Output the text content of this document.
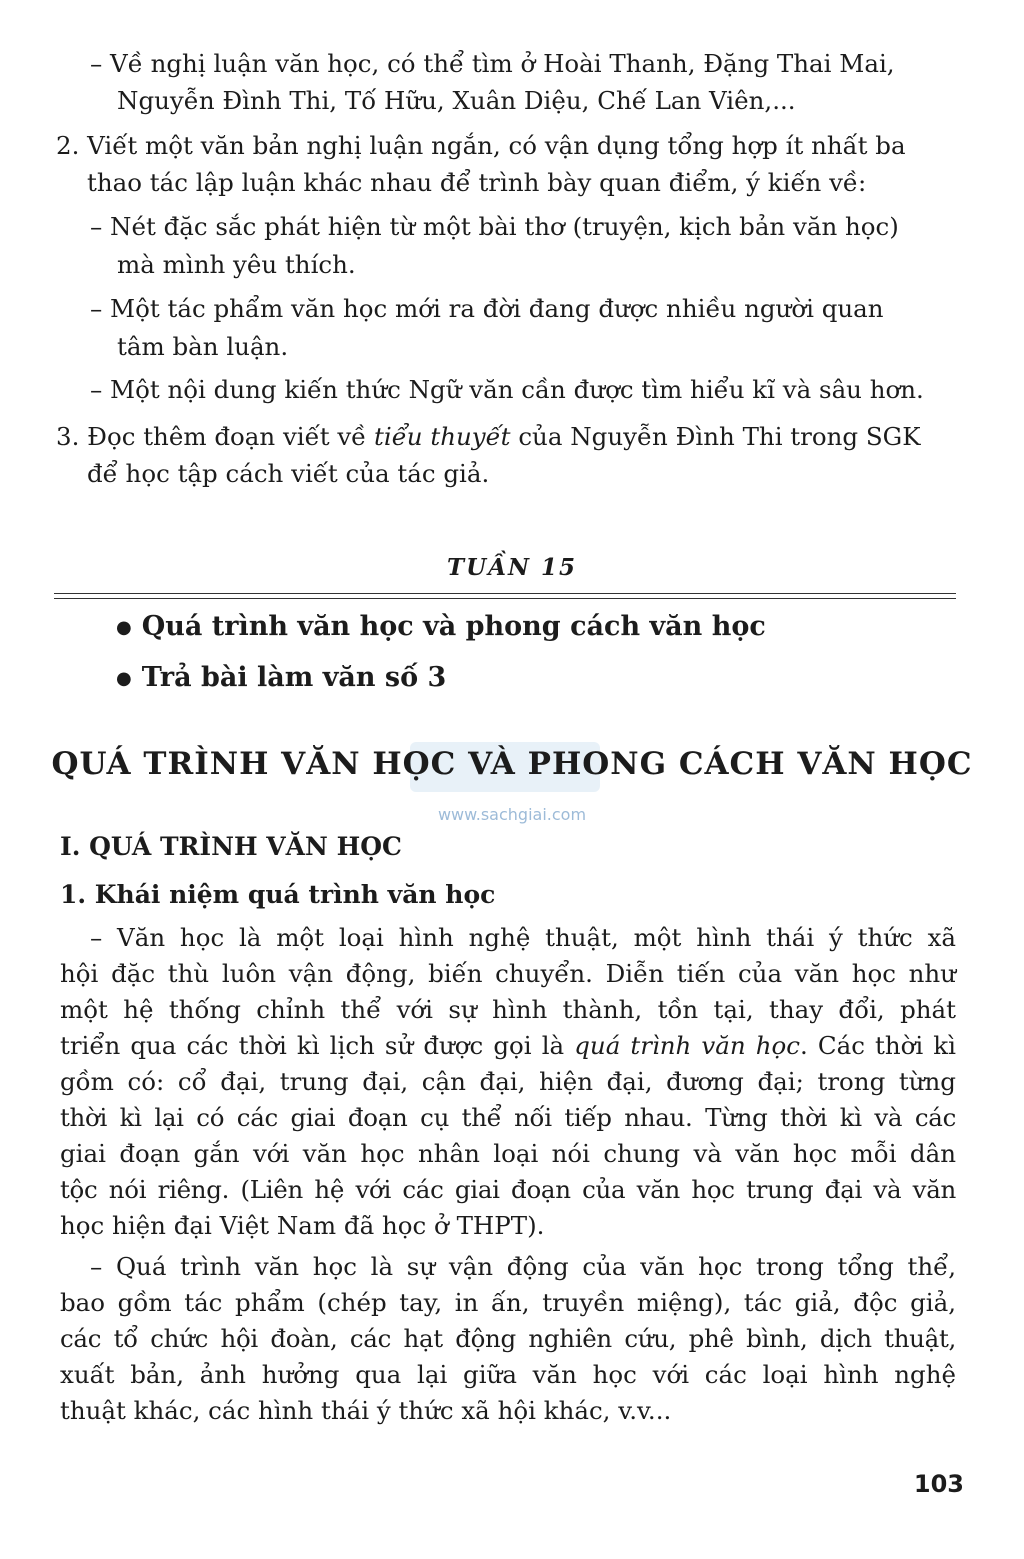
– Về nghị luận văn học, có thể tìm ở Hoài Thanh, Đặng Thai Mai,
Nguyễn Đình Thi, Tố Hữu, Xuân Diệu, Chế Lan Viên,...
2. Viết một văn bản nghị luận ngắn, có vận dụng tổng hợp ít nhất ba
thao tác lập luận khác nhau để trình bày quan điểm, ý kiến về:
– Nét đặc sắc phát hiện từ một bài thơ (truyện, kịch bản văn học)
mà mình yêu thích.
– Một tác phẩm văn học mới ra đời đang được nhiều người quan
tâm bàn luận.
– Một nội dung kiến thức Ngữ văn cần được tìm hiểu kĩ và sâu hơn.
3. Đọc thêm đoạn viết về tiểu thuyết của Nguyễn Đình Thi trong SGK
để học tập cách viết của tác giả.
TUẦN 15
● Quá trình văn học và phong cách văn học
● Trả bài làm văn số 3
QUÁ TRÌNH VĂN HỌC VÀ PHONG CÁCH VĂN HỌC
www.sachgiai.com
I. QUÁ TRÌNH VĂN HỌC
1. Khái niệm quá trình văn học
– Văn học là một loại hình nghệ thuật, một hình thái ý thức xã
hội đặc thù luôn vận động, biến chuyển. Diễn tiến của văn học như
một hệ thống chỉnh thể với sự hình thành, tồn tại, thay đổi, phát
triển qua các thời kì lịch sử được gọi là quá trình văn học. Các thời kì
gồm có: cổ đại, trung đại, cận đại, hiện đại, đương đại; trong từng
thời kì lại có các giai đoạn cụ thể nối tiếp nhau. Từng thời kì và các
giai đoạn gắn với văn học nhân loại nói chung và văn học mỗi dân
tộc nói riêng. (Liên hệ với các giai đoạn của văn học trung đại và văn
học hiện đại Việt Nam đã học ở THPT).
– Quá trình văn học là sự vận động của văn học trong tổng thể,
bao gồm tác phẩm (chép tay, in ấn, truyền miệng), tác giả, độc giả,
các tổ chức hội đoàn, các hạt động nghiên cứu, phê bình, dịch thuật,
xuất bản, ảnh hưởng qua lại giữa văn học với các loại hình nghệ
thuật khác, các hình thái ý thức xã hội khác, v.v...
103
